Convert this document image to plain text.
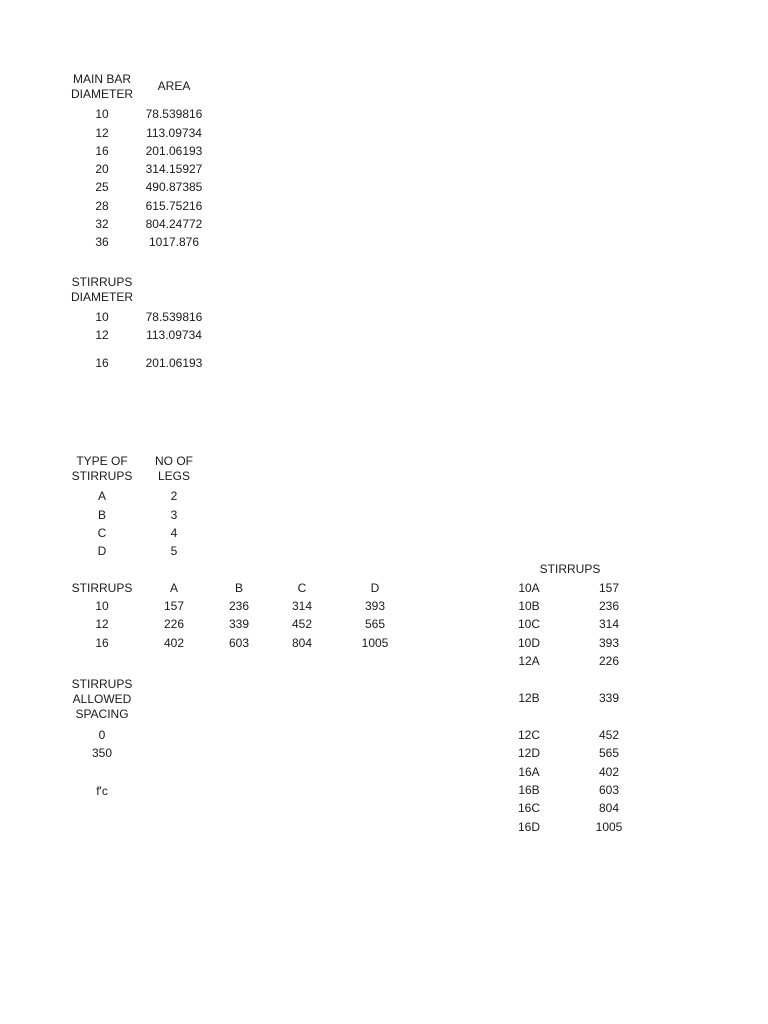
MAIN BAR
DIAMETER
AREA
10	78.539816
12	113.09734
16	201.06193
20	314.15927
25	490.87385
28	615.75216
32	804.24772
36	1017.876
STIRRUPS
DIAMETER
10	78.539816
12	113.09734
16	201.06193
TYPE OF
STIRRUPS
NO OF
LEGS
A	2
B	3
C	4
D	5
STIRRUPS	A	B	C	D
10	157	236	314	393
12	226	339	452	565
16	402	603	804	1005
STIRRUPS
ALLOWED
SPACING
0
350
f'c
STIRRUPS
10A	157
10B	236
10C	314
10D	393
12A	226
12B	339
12C	452
12D	565
16A	402
16B	603
16C	804
16D	1005
